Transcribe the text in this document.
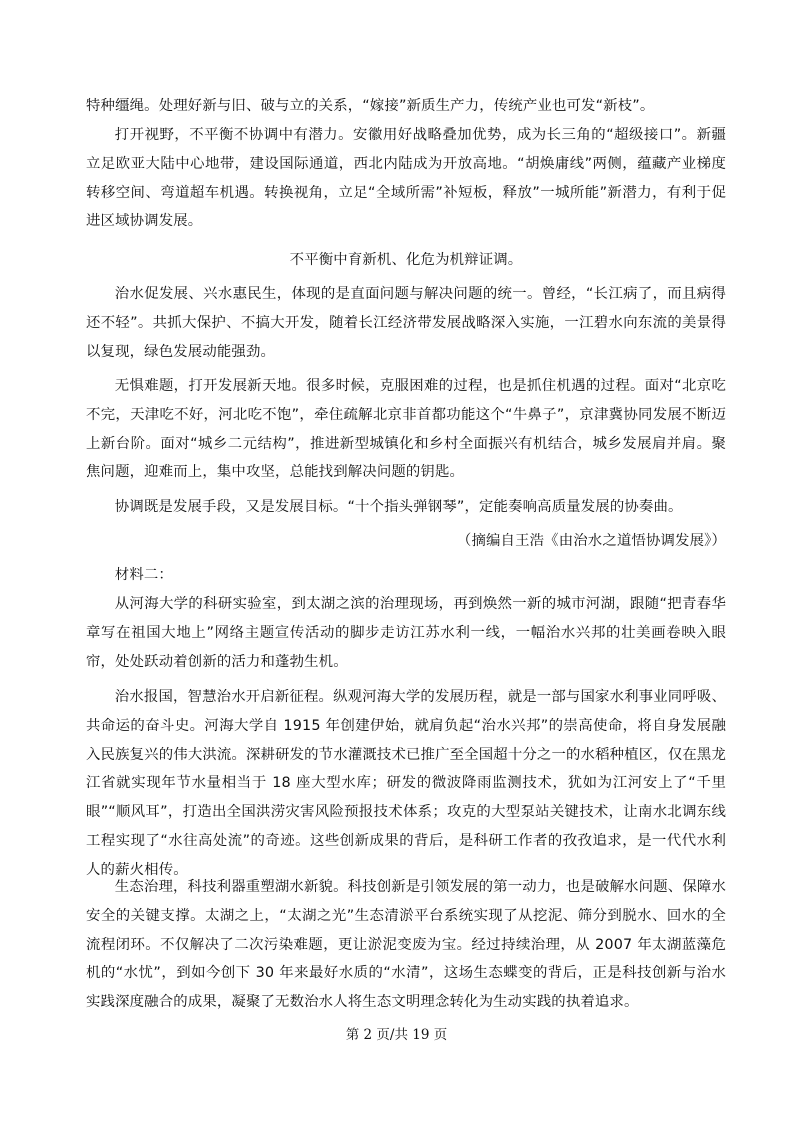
特种缰绳。处理好新与旧、破与立的关系，“嫁接”新质生产力，传统产业也可发“新枝”。

打开视野，不平衡不协调中有潜力。安徽用好战略叠加优势，成为长三角的“超级接口”。新疆立足欧亚大陆中心地带，建设国际通道，西北内陆成为开放高地。“胡焕庸线”两侧，蕴藏产业梯度转移空间、弯道超车机遇。转换视角，立足“全域所需”补短板，释放”一城所能”新潜力，有利于促进区域协调发展。

不平衡中育新机、化危为机辩证调。

治水促发展、兴水惠民生，体现的是直面问题与解决问题的统一。曾经，“长江病了，而且病得还不轻”。共抓大保护、不搞大开发，随着长江经济带发展战略深入实施，一江碧水向东流的美景得以复现，绿色发展动能强劲。

无惧难题，打开发展新天地。很多时候，克服困难的过程，也是抓住机遇的过程。面对“北京吃不完，天津吃不好，河北吃不饱”，牵住疏解北京非首都功能这个“牛鼻子”，京津冀协同发展不断迈上新台阶。面对“城乡二元结构”，推进新型城镇化和乡村全面振兴有机结合，城乡发展肩并肩。聚焦问题，迎难而上，集中攻坚，总能找到解决问题的钥匙。

协调既是发展手段，又是发展目标。“十个指头弹钢琴”，定能奏响高质量发展的协奏曲。

（摘编自王浩《由治水之道悟协调发展》）

材料二：

从河海大学的科研实验室，到太湖之滨的治理现场，再到焕然一新的城市河湖，跟随“把青春华章写在祖国大地上”网络主题宣传活动的脚步走访江苏水利一线，一幅治水兴邦的壮美画卷映入眼帘，处处跃动着创新的活力和蓬勃生机。

治水报国，智慧治水开启新征程。纵观河海大学的发展历程，就是一部与国家水利事业同呼吸、共命运的奋斗史。河海大学自 1915 年创建伊始，就肩负起“治水兴邦”的崇高使命，将自身发展融入民族复兴的伟大洪流。深耕研发的节水灌溉技术已推广至全国超十分之一的水稻种植区，仅在黑龙江省就实现年节水量相当于 18 座大型水库；研发的微波降雨监测技术，犹如为江河安上了“千里眼”“顺风耳”，打造出全国洪涝灾害风险预报技术体系；攻克的大型泵站关键技术，让南水北调东线工程实现了“水往高处流”的奇迹。这些创新成果的背后，是科研工作者的孜孜追求，是一代代水利人的薪火相传。

生态治理，科技利器重塑湖水新貌。科技创新是引领发展的第一动力，也是破解水问题、保障水安全的关键支撑。太湖之上，“太湖之光”生态清淤平台系统实现了从挖泥、筛分到脱水、回水的全流程闭环。不仅解决了二次污染难题，更让淤泥变废为宝。经过持续治理，从 2007 年太湖蓝藻危机的“水忧”，到如今创下 30 年来最好水质的“水清”，这场生态蝶变的背后，正是科技创新与治水实践深度融合的成果，凝聚了无数治水人将生态文明理念转化为生动实践的执着追求。

第 2 页/共 19 页
